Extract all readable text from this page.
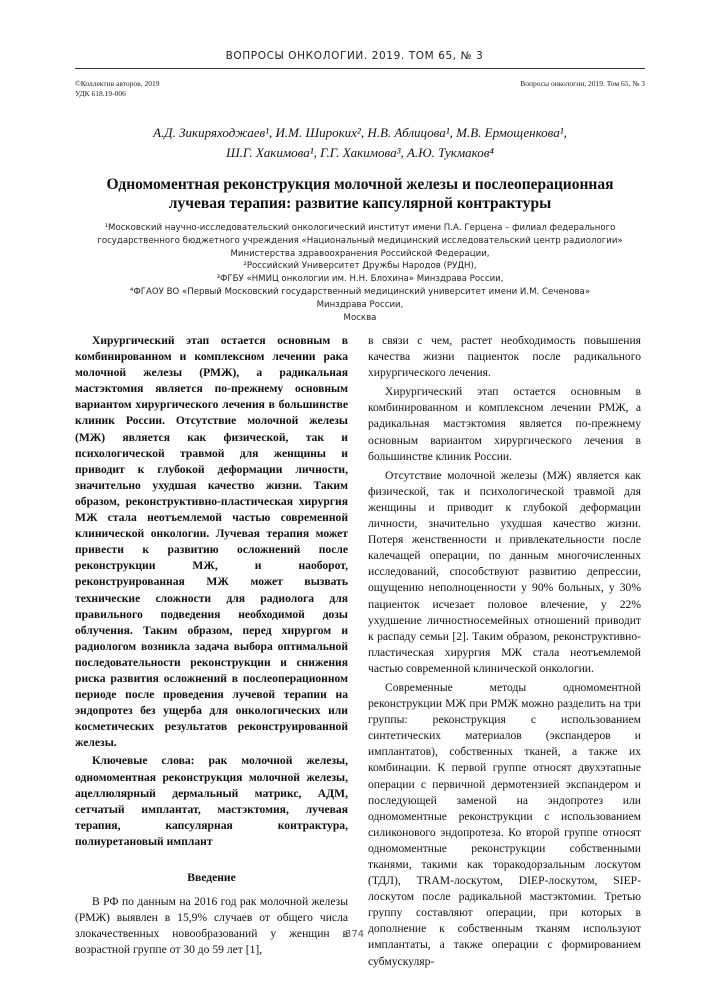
ВОПРОСЫ ОНКОЛОГИИ. 2019. ТОМ 65, № 3
©Коллектив авторов, 2019
УДК 618.19-006
Вопросы онкологии, 2019. Том 65, № 3
А.Д. Зикиряходжаев¹, И.М. Широких², Н.В. Аблицова¹, М.В. Ермощенкова¹,
Ш.Г. Хакимова¹, Г.Г. Хакимова³, А.Ю. Тукмаков⁴
Одномоментная реконструкция молочной железы и послеоперационная
лучевая терапия: развитие капсулярной контрактуры
¹Московский научно-исследовательский онкологический институт имени П.А. Герцена – филиал федерального
государственного бюджетного учреждения «Национальный медицинский исследовательский центр радиологии»
Министерства здравоохранения Российской Федерации,
²Российский Университет Дружбы Народов (РУДН),
³ФГБУ «НМИЦ онкологии им. Н.Н. Блохина» Минздрава России,
⁴ФГАОУ ВО «Первый Московский государственный медицинский университет имени И.М. Сеченова»
Минздрава России,
Москва

Хирургический этап остается основным в комбинированном и комплексном лечении рака молочной железы (РМЖ), а радикальная мастэктомия является по-прежнему основным вариантом хирургического лечения в большинстве клиник России. Отсутствие молочной железы (МЖ) является как физической, так и психологической травмой для женщины и приводит к глубокой деформации личности, значительно ухудшая качество жизни. Таким образом, реконструктивно-пластическая хирургия МЖ стала неотъемлемой частью современной клинической онкологии. Лучевая терапия может привести к развитию осложнений после реконструкции МЖ, и наоборот, реконструированная МЖ может вызвать технические сложности для радиолога для правильного подведения необходимой дозы облучения. Таким образом, перед хирургом и радиологом возникла задача выбора оптимальной последовательности реконструкции и снижения риска развития осложнений в послеоперационном периоде после проведения лучевой терапии на эндопротез без ущерба для онкологических или косметических результатов реконструированной железы.

Ключевые слова: рак молочной железы, одномоментная реконструкция молочной железы, ацеллюлярный дермальный матрикс, АДМ, сетчатый имплантат, мастэктомия, лучевая терапия, капсулярная контрактура, полиуретановый имплант

Введение

В РФ по данным на 2016 год рак молочной железы (РМЖ) выявлен в 15,9% случаев от общего числа злокачественных новообразований у женщин в возрастной группе от 30 до 59 лет [1],

в связи с чем, растет необходимость повышения качества жизни пациенток после радикального хирургического лечения.

Хирургический этап остается основным в комбинированном и комплексном лечении РМЖ, а радикальная мастэктомия является по-прежнему основным вариантом хирургического лечения в большинстве клиник России.

Отсутствие молочной железы (МЖ) является как физической, так и психологической травмой для женщины и приводит к глубокой деформации личности, значительно ухудшая качество жизни. Потеря женственности и привлекательности после калечащей операции, по данным многочисленных исследований, способствуют развитию депрессии, ощущению неполноценности у 90% больных, у 30% пациенток исчезает половое влечение, у 22% ухудшение личностносемейных отношений приводит к распаду семьи [2]. Таким образом, реконструктивно-пластическая хирургия МЖ стала неотъемлемой частью современной клинической онкологии.

Современные методы одномоментной реконструкции МЖ при РМЖ можно разделить на три группы: реконструкция с использованием синтетических материалов (экспандеров и имплантатов), собственных тканей, а также их комбинации. К первой группе относят двухэтапные операции с первичной дермотензией экспандером и последующей заменой на эндопротез или одномоментные реконструкции с использованием силиконового эндопротеза. Ко второй группе относят одномоментные реконструкции собственными тканями, такими как торакодорзальным лоскутом (ТДЛ), TRAM-лоскутом, DIEP-лоскутом, SIEP-лоскутом после радикальной мастэктомии. Третью группу составляют операции, при которых в дополнение к собственным тканям используют имплантаты, а также операции с формированием субмускуляр-

374
